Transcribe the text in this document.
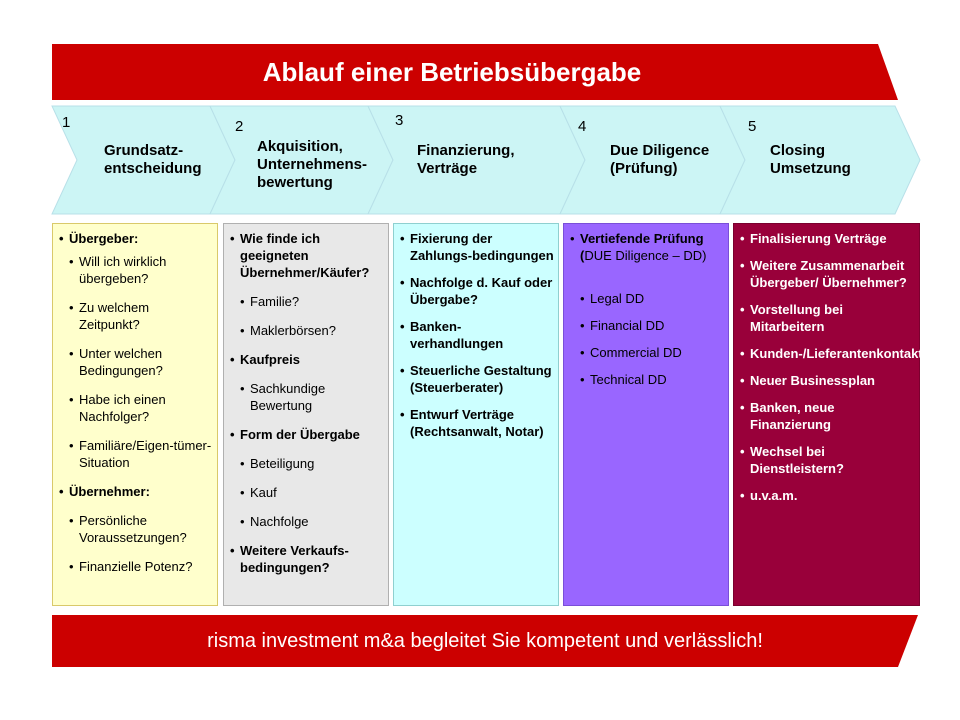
Ablauf einer Betriebsübergabe
1
Grundsatz-
entscheidung
2
Akquisition,
Unternehmens-
bewertung
3
Finanzierung,
Verträge
4
Due Diligence
(Prüfung)
5
Closing
Umsetzung
• Übergeber:
• Will ich wirklich übergeben?
• Zu welchem Zeitpunkt?
• Unter welchen Bedingungen?
• Habe ich einen Nachfolger?
• Familiäre/Eigen-tümer- Situation
• Übernehmer:
• Persönliche Voraussetzungen?
• Finanzielle Potenz?
• Wie finde ich geeigneten Übernehmer/Käufer?
• Familie?
• Maklerbörsen?
• Kaufpreis
• Sachkundige Bewertung
• Form der Übergabe
• Beteiligung
• Kauf
• Nachfolge
• Weitere Verkaufs-bedingungen?
• Fixierung der Zahlungs-bedingungen
• Nachfolge d. Kauf oder Übergabe?
• Banken-verhandlungen
• Steuerliche Gestaltung (Steuerberater)
• Entwurf Verträge (Rechtsanwalt, Notar)
• Vertiefende Prüfung
(DUE Diligence – DD)
• Legal DD
• Financial DD
• Commercial DD
• Technical DD
• Finalisierung Verträge
• Weitere Zusammenarbeit Übergeber/ Übernehmer?
• Vorstellung bei Mitarbeitern
• Kunden-/Lieferantenkontakte
• Neuer Businessplan
• Banken, neue Finanzierung
• Wechsel bei Dienstleistern?
• u.v.a.m.
risma investment m&a begleitet Sie kompetent und verlässlich!
